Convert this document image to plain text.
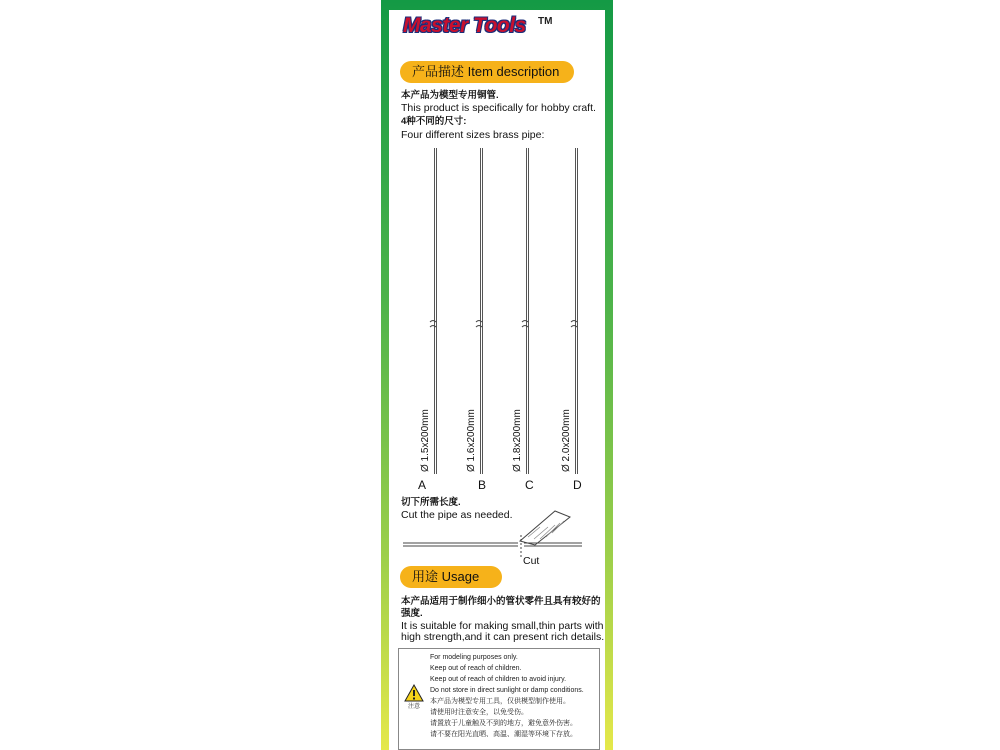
Master Tools	TM
产品描述 Item description
本产品为模型专用铜管.
This product is specifically for hobby craft.
4种不同的尺寸:
Four different sizes brass pipe:
Ø 1.5x200mm	Ø 1.6x200mm	Ø 1.8x200mm	Ø 2.0x200mm
A	B	C	D
切下所需长度.
Cut the pipe as needed.
Cut
用途 Usage
本产品适用于制作细小的管状零件且具有较好的
强度.
It is suitable for making small,thin parts with
high strength,and it can present rich details.
注意
For modeling purposes only.
Keep out of reach of children.
Keep out of reach of children to avoid injury.
Do not store in direct sunlight or damp conditions.
本产品为模型专用工具，仅供模型制作使用。
请使用时注意安全，以免受伤。
请置放于儿童触及不到的地方，避免意外伤害。
请不要在阳光直晒、高温、潮湿等环境下存放。
